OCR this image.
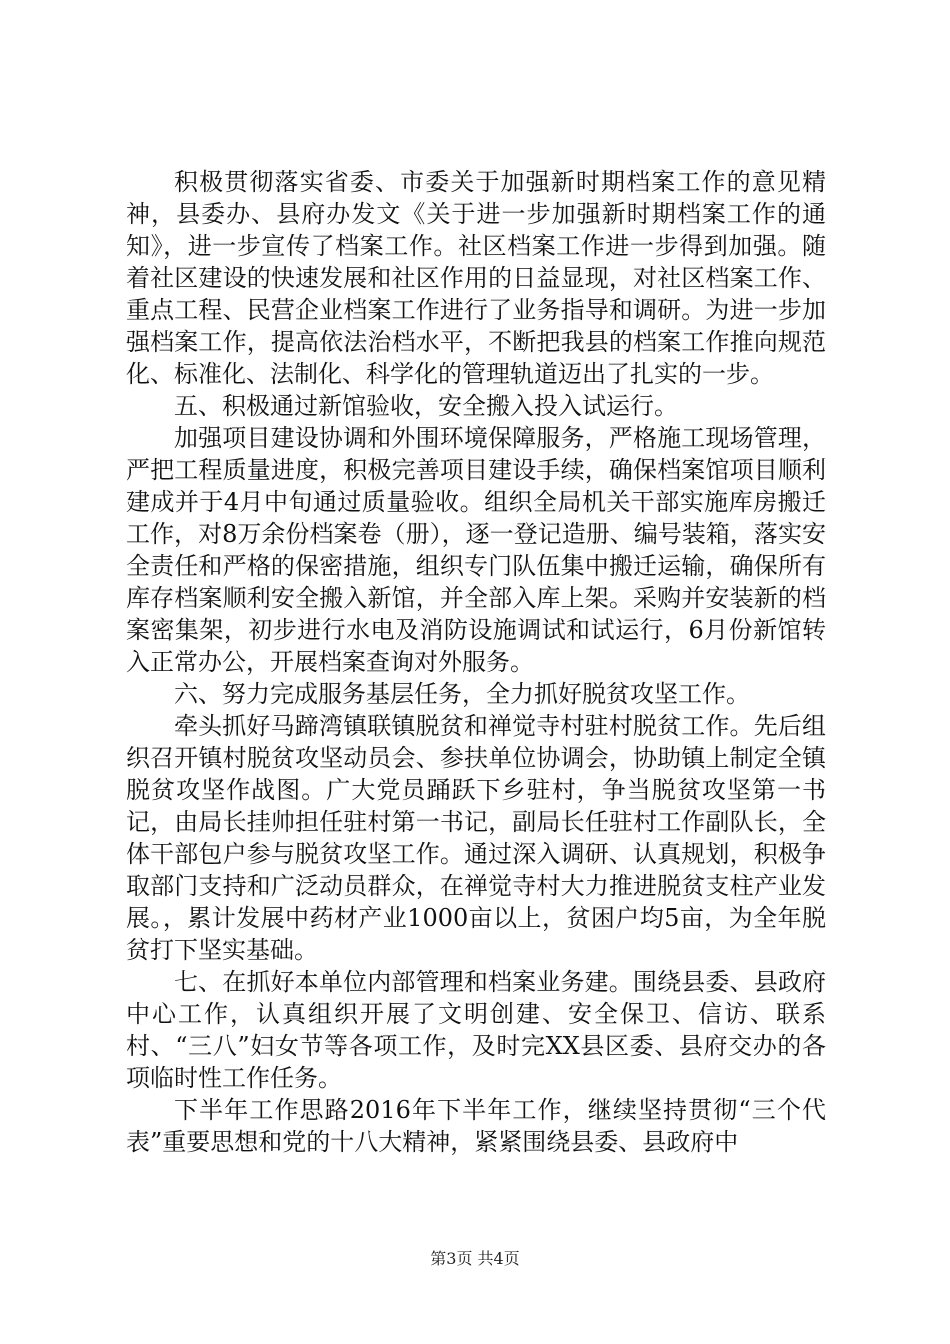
积极贯彻落实省委、市委关于加强新时期档案工作的意见精神，县委办、县府办发文《关于进一步加强新时期档案工作的通知》，进一步宣传了档案工作。社区档案工作进一步得到加强。随着社区建设的快速发展和社区作用的日益显现，对社区档案工作、重点工程、民营企业档案工作进行了业务指导和调研。为进一步加强档案工作，提高依法治档水平，不断把我县的档案工作推向规范化、标准化、法制化、科学化的管理轨道迈出了扎实的一步。

五、积极通过新馆验收，安全搬入投入试运行。

加强项目建设协调和外围环境保障服务，严格施工现场管理，严把工程质量进度，积极完善项目建设手续，确保档案馆项目顺利建成并于4月中旬通过质量验收。组织全局机关干部实施库房搬迁工作，对8万余份档案卷（册），逐一登记造册、编号装箱，落实安全责任和严格的保密措施，组织专门队伍集中搬迁运输，确保所有库存档案顺利安全搬入新馆，并全部入库上架。采购并安装新的档案密集架，初步进行水电及消防设施调试和试运行，6月份新馆转入正常办公，开展档案查询对外服务。

六、努力完成服务基层任务，全力抓好脱贫攻坚工作。

牵头抓好马蹄湾镇联镇脱贫和禅觉寺村驻村脱贫工作。先后组织召开镇村脱贫攻坚动员会、参扶单位协调会，协助镇上制定全镇脱贫攻坚作战图。广大党员踊跃下乡驻村，争当脱贫攻坚第一书记，由局长挂帅担任驻村第一书记，副局长任驻村工作副队长，全体干部包户参与脱贫攻坚工作。通过深入调研、认真规划，积极争取部门支持和广泛动员群众，在禅觉寺村大力推进脱贫支柱产业发展。，累计发展中药材产业1000亩以上，贫困户均5亩，为全年脱贫打下坚实基础。

七、在抓好本单位内部管理和档案业务建。围绕县委、县政府中心工作，认真组织开展了文明创建、安全保卫、信访、联系村、“三八”妇女节等各项工作，及时完XX县区委、县府交办的各项临时性工作任务。

下半年工作思路2016年下半年工作，继续坚持贯彻“三个代表”重要思想和党的十八大精神，紧紧围绕县委、县政府中

第3页 共4页
